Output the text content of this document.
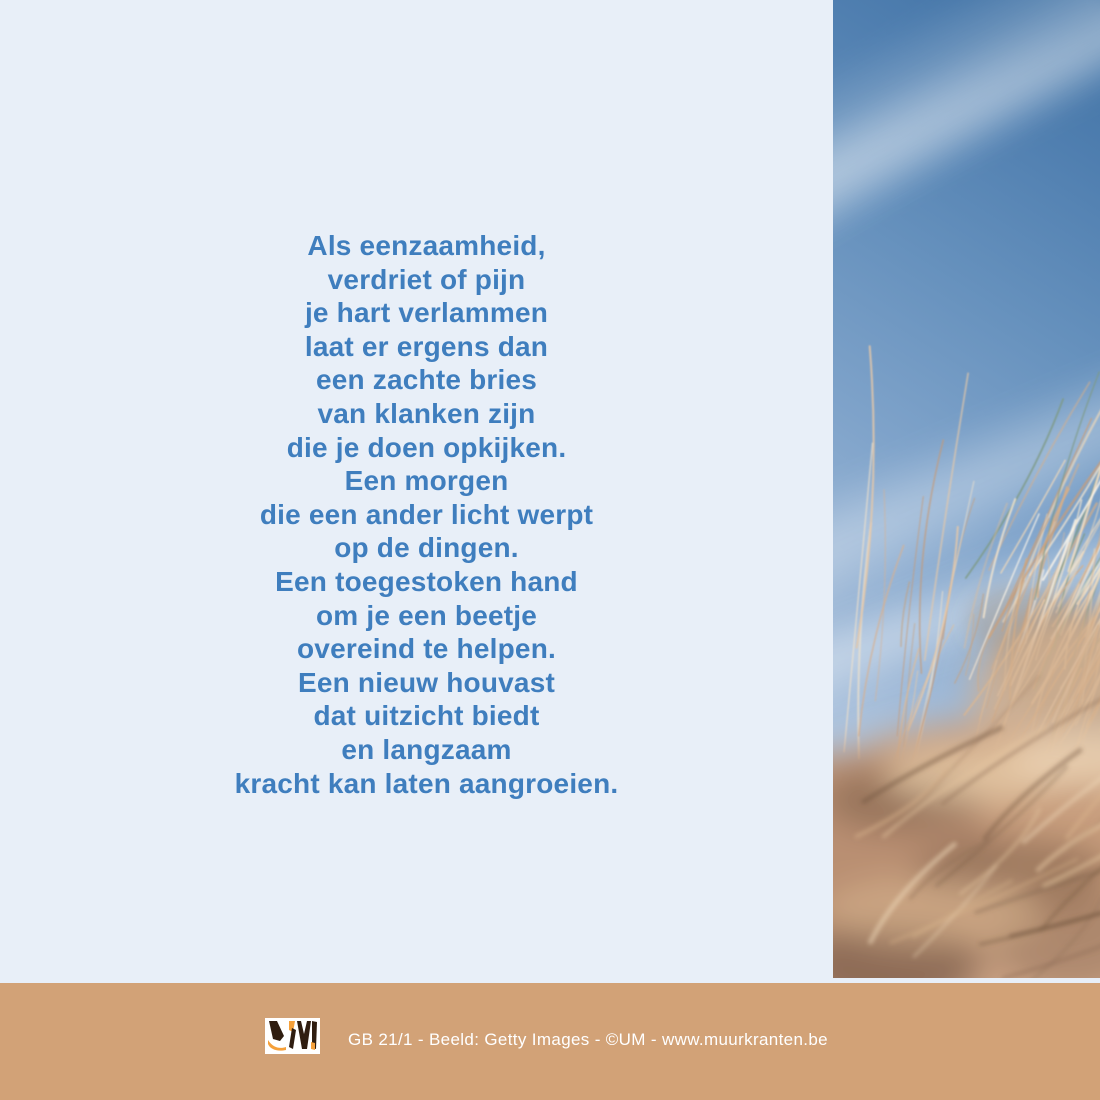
Als eenzaamheid,
verdriet of pijn
je hart verlammen
laat er ergens dan
een zachte bries
van klanken zijn
die je doen opkijken.
Een morgen
die een ander licht werpt
op de dingen.
Een toegestoken hand
om je een beetje
overeind te helpen.
Een nieuw houvast
dat uitzicht biedt
en langzaam
kracht kan laten aangroeien.
GB 21/1 - Beeld: Getty Images - ©UM - www.muurkranten.be
